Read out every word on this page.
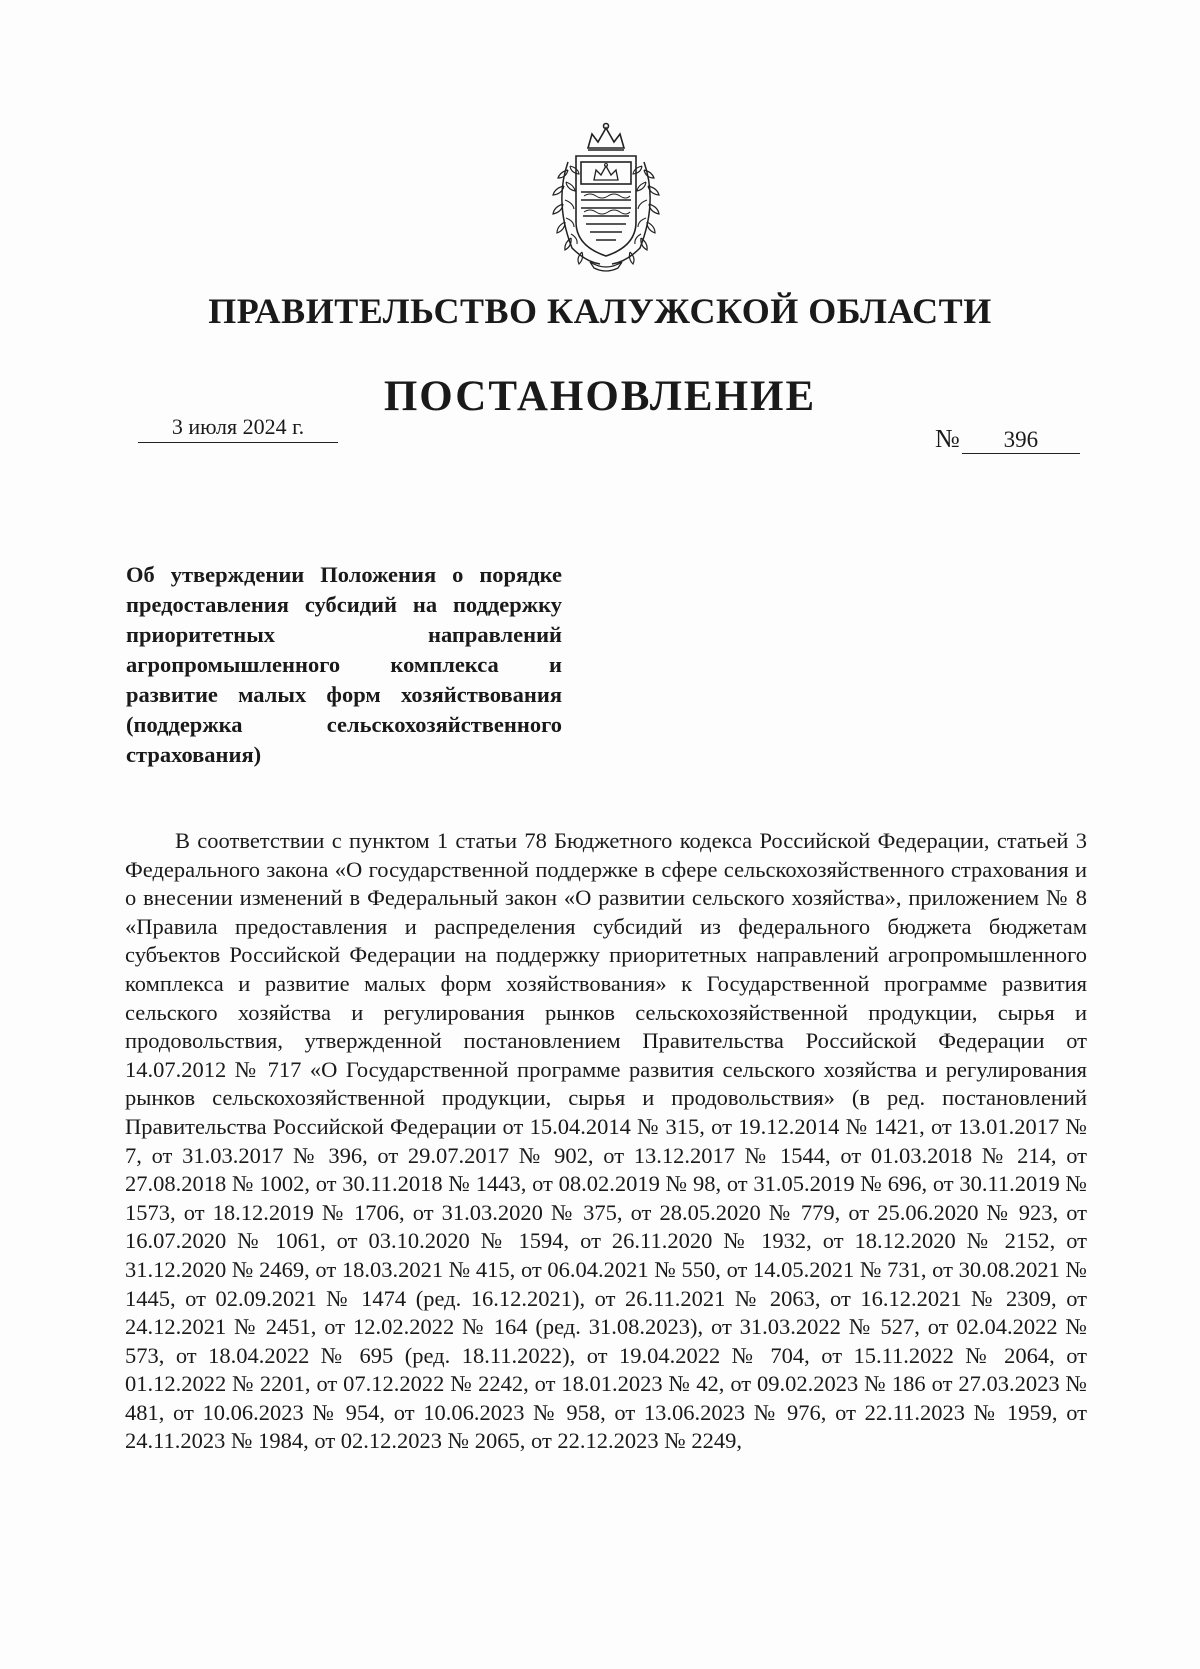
ПРАВИТЕЛЬСТВО КАЛУЖСКОЙ ОБЛАСТИ
ПОСТАНОВЛЕНИЕ
3 июля 2024 г.	№ 396
Об утверждении Положения о порядке предоставления субсидий на поддержку приоритетных направлений агропромышленного комплекса и развитие малых форм хозяйствования (поддержка сельскохозяйственного страхования)

В соответствии с пунктом 1 статьи 78 Бюджетного кодекса Российской Федерации, статьей 3 Федерального закона «О государственной поддержке в сфере сельскохозяйственного страхования и о внесении изменений в Федеральный закон «О развитии сельского хозяйства», приложением № 8 «Правила предоставления и распределения субсидий из федерального бюджета бюджетам субъектов Российской Федерации на поддержку приоритетных направлений агропромышленного комплекса и развитие малых форм хозяйствования» к Государственной программе развития сельского хозяйства и регулирования рынков сельскохозяйственной продукции, сырья и продовольствия, утвержденной постановлением Правительства Российской Федерации от 14.07.2012 № 717 «О Государственной программе развития сельского хозяйства и регулирования рынков сельскохозяйственной продукции, сырья и продовольствия» (в ред. постановлений Правительства Российской Федерации от 15.04.2014 № 315, от 19.12.2014 № 1421, от 13.01.2017 № 7, от 31.03.2017 № 396, от 29.07.2017 № 902, от 13.12.2017 № 1544, от 01.03.2018 № 214, от 27.08.2018 № 1002, от 30.11.2018 № 1443, от 08.02.2019 № 98, от 31.05.2019 № 696, от 30.11.2019 № 1573, от 18.12.2019 № 1706, от 31.03.2020 № 375, от 28.05.2020 № 779, от 25.06.2020 № 923, от 16.07.2020 № 1061, от 03.10.2020 № 1594, от 26.11.2020 № 1932, от 18.12.2020 № 2152, от 31.12.2020 № 2469, от 18.03.2021 № 415, от 06.04.2021 № 550, от 14.05.2021 № 731, от 30.08.2021 № 1445, от 02.09.2021 № 1474 (ред. 16.12.2021), от 26.11.2021 № 2063, от 16.12.2021 № 2309, от 24.12.2021 № 2451, от 12.02.2022 № 164 (ред. 31.08.2023), от 31.03.2022 № 527, от 02.04.2022 № 573, от 18.04.2022 № 695 (ред. 18.11.2022), от 19.04.2022 № 704, от 15.11.2022 № 2064, от 01.12.2022 № 2201, от 07.12.2022 № 2242, от 18.01.2023 № 42, от 09.02.2023 № 186 от 27.03.2023 № 481, от 10.06.2023 № 954, от 10.06.2023 № 958, от 13.06.2023 № 976, от 22.11.2023 № 1959, от 24.11.2023 № 1984, от 02.12.2023 № 2065, от 22.12.2023 № 2249,
